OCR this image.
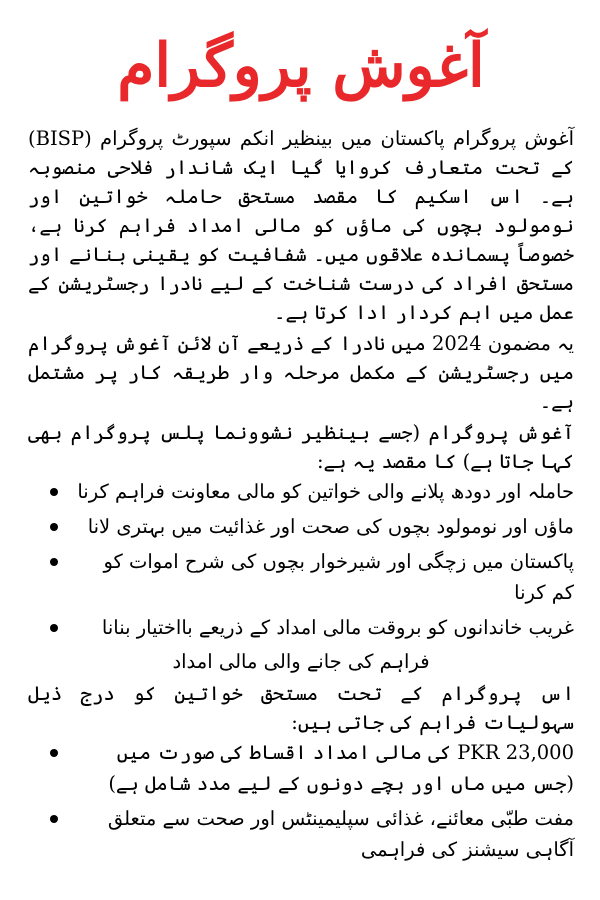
آغوش پروگرام

آغوش پروگرام پاکستان میں بینظیر انکم سپورٹ پروگرام (BISP) کے تحت متعارف کروایا گیا ایک شاندار فلاحی منصوبہ ہے۔ اس اسکیم کا مقصد مستحق حاملہ خواتین اور نومولود بچوں کی ماؤں کو مالی امداد فراہم کرنا ہے، خصوصاً پسماندہ علاقوں میں۔ شفافیت کو یقینی بنانے اور مستحق افراد کی درست شناخت کے لیے نادرا رجسٹریشن کے عمل میں اہم کردار ادا کرتا ہے۔

یہ مضمون 2024 میں نادرا کے ذریعے آن لائن آغوش پروگرام میں رجسٹریشن کے مکمل مرحلہ وار طریقہ کار پر مشتمل ہے۔

آغوش پروگرام (جسے بینظیر نشوونما پلس پروگرام بھی کہا جاتا ہے) کا مقصد یہ ہے:

حاملہ اور دودھ پلانے والی خواتین کو مالی معاونت فراہم کرنا
ماؤں اور نومولود بچوں کی صحت اور غذائیت میں بہتری لانا
پاکستان میں زچگی اور شیرخوار بچوں کی شرح اموات کو کم کرنا
غریب خاندانوں کو بروقت مالی امداد کے ذریعے بااختیار بنانا
فراہم کی جانے والی مالی امداد

اس پروگرام کے تحت مستحق خواتین کو درج ذیل سہولیات فراہم کی جاتی ہیں:

PKR 23,000 کی مالی امداد اقساط کی صورت میں (جس میں ماں اور بچے دونوں کے لیے مدد شامل ہے)
مفت طبّی معائنے، غذائی سپلیمینٹس اور صحت سے متعلق آگاہی سیشنز کی فراہمی
